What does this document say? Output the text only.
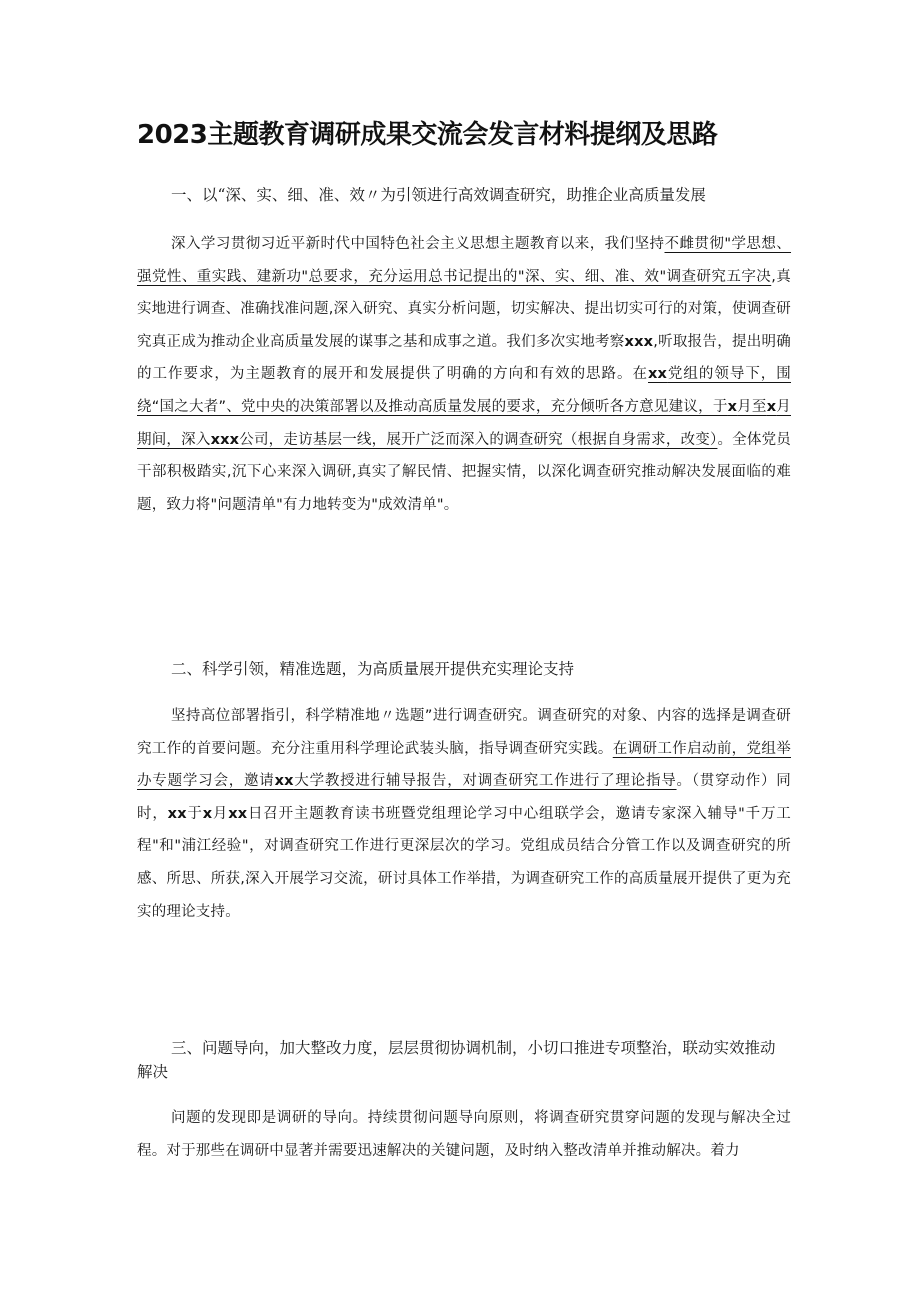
2023主题教育调研成果交流会发言材料提纲及思路

一、以“深、实、细、准、效〃为引领进行高效调查研究，助推企业高质量发展

深入学习贯彻习近平新时代中国特色社会主义思想主题教育以来，我们坚持不雌贯彻"学思想、强党性、重实践、建新功"总要求，充分运用总书记提出的"深、实、细、准、效"调查研究五字决,真实地进行调查、准确找准问题,深入研究、真实分析问题，切实解决、提出切实可行的对策，使调查研究真正成为推动企业高质量发展的谋事之基和成事之道。我们多次实地考察xxx,听取报告，提出明确的工作要求，为主题教育的展开和发展提供了明确的方向和有效的思路。在xx党组的领导下，围绕“国之大者”、党中央的决策部署以及推动高质量发展的要求，充分倾听各方意见建议，于x月至x月期间，深入xxx公司，走访基层一线，展开广泛而深入的调查研究（根据自身需求，改变）。全体党员干部积极踏实,沉下心来深入调研,真实了解民情、把握实情，以深化调查研究推动解决发展面临的难题，致力将"问题清单"有力地转变为"成效清单"。

二、科学引领，精准选题，为高质量展开提供充实理论支持

坚持高位部署指引，科学精准地〃选题”进行调查研究。调查研究的对象、内容的选择是调查研究工作的首要问题。充分注重用科学理论武装头脑，指导调查研究实践。在调研工作启动前，党组举办专题学习会，邀请xx大学教授进行辅导报告，对调查研究工作进行了理论指导。（贯穿动作）同时，xx于x月xx日召开主题教育读书班暨党组理论学习中心组联学会，邀请专家深入辅导"千万工程"和"浦江经验"，对调查研究工作进行更深层次的学习。党组成员结合分管工作以及调查研究的所感、所思、所获,深入开展学习交流，研讨具体工作举措，为调查研究工作的高质量展开提供了更为充实的理论支持。

三、问题导向，加大整改力度，层层贯彻协调机制，小切口推进专项整治，联动实效推动解决

问题的发现即是调研的导向。持续贯彻问题导向原则，将调查研究贯穿问题的发现与解决全过程。对于那些在调研中显著并需要迅速解决的关键问题，及时纳入整改清单并推动解决。着力
